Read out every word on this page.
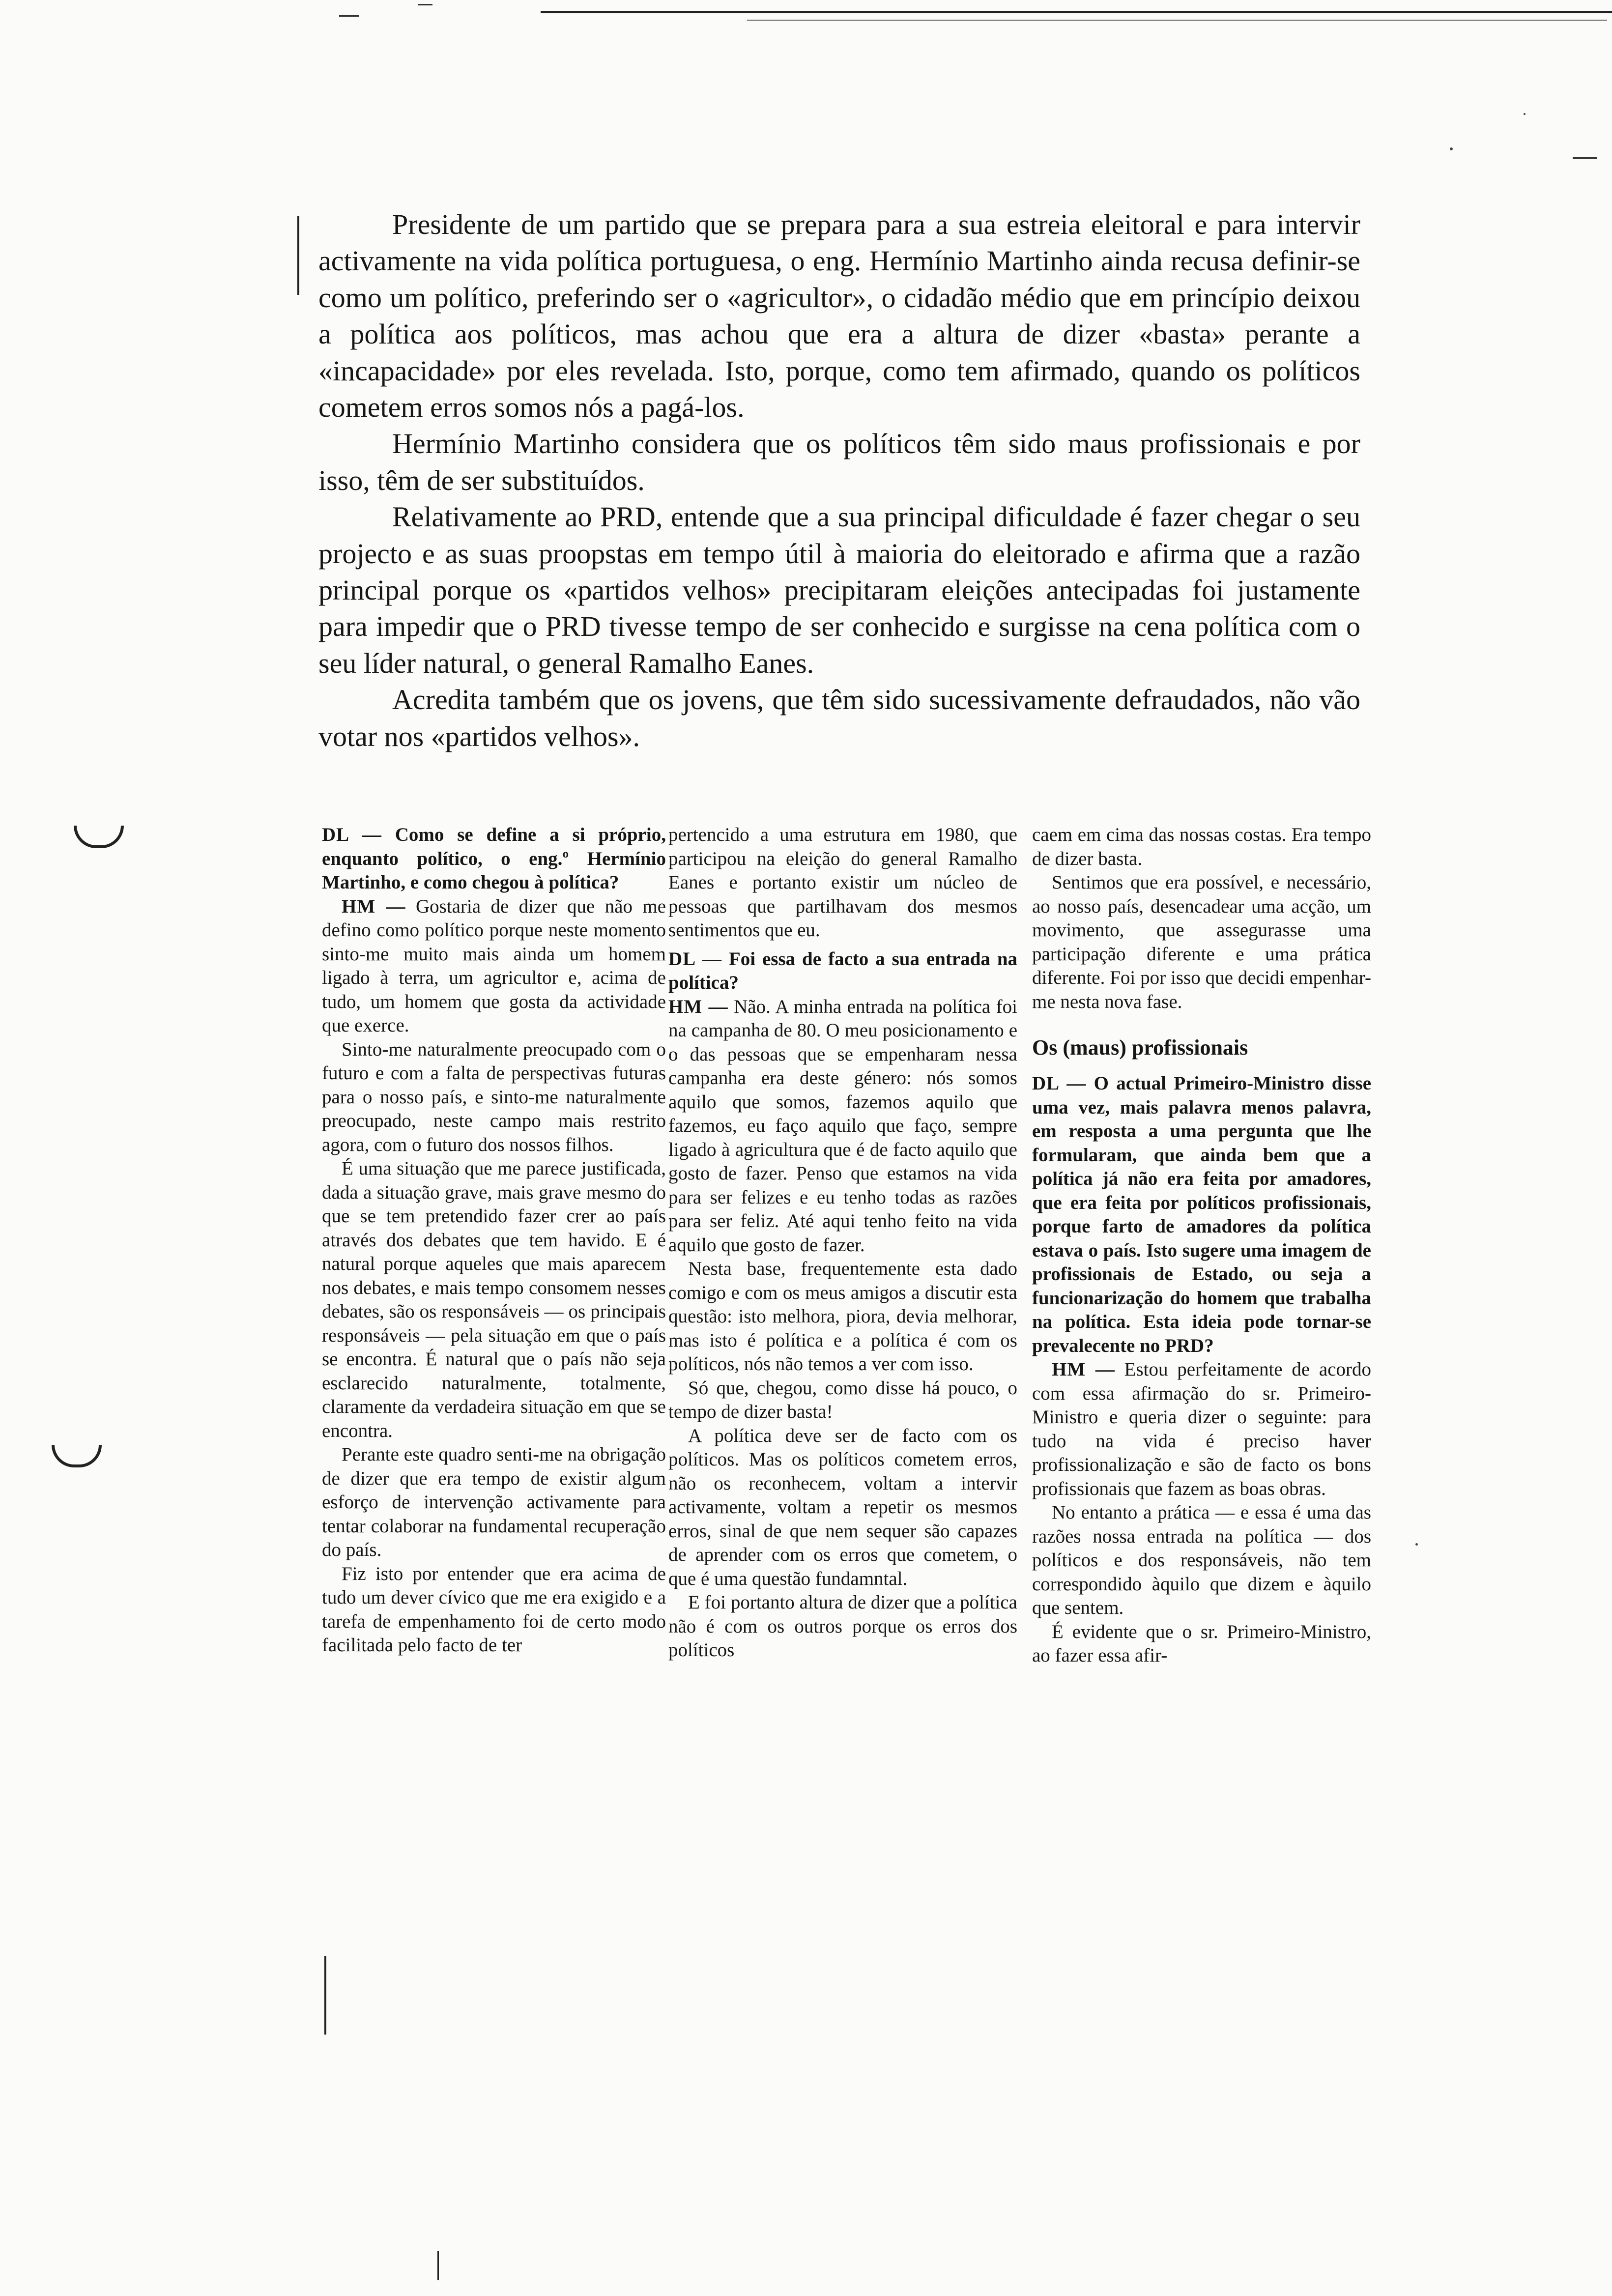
Presidente de um partido que se prepara para a sua estreia eleitoral e para intervir activamente na vida política portuguesa, o eng. Hermínio Martinho ainda recusa definir-se como um político, preferindo ser o «agricultor», o cidadão médio que em princípio deixou a política aos políticos, mas achou que era a altura de dizer «basta» perante a «incapacidade» por eles revelada. Isto, porque, como tem afirmado, quando os políticos cometem erros somos nós a pagá-los.

Hermínio Martinho considera que os políticos têm sido maus profissionais e por isso, têm de ser substituídos.

Relativamente ao PRD, entende que a sua principal dificuldade é fazer chegar o seu projecto e as suas proopstas em tempo útil à maioria do eleitorado e afirma que a razão principal porque os «partidos velhos» precipitaram eleições antecipadas foi justamente para impedir que o PRD tivesse tempo de ser conhecido e surgisse na cena política com o seu líder natural, o general Ramalho Eanes.

Acredita também que os jovens, que têm sido sucessivamente defraudados, não vão votar nos «partidos velhos».

DL — Como se define a si próprio, enquanto político, o eng.º Hermínio Martinho, e como chegou à política?

HM — Gostaria de dizer que não me defino como político porque neste momento sinto-me muito mais ainda um homem ligado à terra, um agricultor e, acima de tudo, um homem que gosta da actividade que exerce.

Sinto-me naturalmente preocupado com o futuro e com a falta de perspectivas futuras para o nosso país, e sinto-me naturalmente preocupado, neste campo mais restrito agora, com o futuro dos nossos filhos.

É uma situação que me parece justificada, dada a situação grave, mais grave mesmo do que se tem pretendido fazer crer ao país através dos debates que tem havido. E é natural porque aqueles que mais aparecem nos debates, e mais tempo consomem nesses debates, são os responsáveis — os principais responsáveis — pela situação em que o país se encontra. É natural que o país não seja esclarecido naturalmente, totalmente, claramente da verdadeira situação em que se encontra.

Perante este quadro senti-me na obrigação de dizer que era tempo de existir algum esforço de intervenção activamente para tentar colaborar na fundamental recuperação do país.

Fiz isto por entender que era acima de tudo um dever cívico que me era exigido e a tarefa de empenhamento foi de certo modo facilitada pelo facto de ter

pertencido a uma estrutura em 1980, que participou na eleição do general Ramalho Eanes e portanto existir um núcleo de pessoas que partilhavam dos mesmos sentimentos que eu.

DL — Foi essa de facto a sua entrada na política?

HM — Não. A minha entrada na política foi na campanha de 80. O meu posicionamento e o das pessoas que se empenharam nessa campanha era deste género: nós somos aquilo que somos, fazemos aquilo que fazemos, eu faço aquilo que faço, sempre ligado à agricultura que é de facto aquilo que gosto de fazer. Penso que estamos na vida para ser felizes e eu tenho todas as razões para ser feliz. Até aqui tenho feito na vida aquilo que gosto de fazer.

Nesta base, frequentemente esta dado comigo e com os meus amigos a discutir esta questão: isto melhora, piora, devia melhorar, mas isto é política e a política é com os políticos, nós não temos a ver com isso.

Só que, chegou, como disse há pouco, o tempo de dizer basta!

A política deve ser de facto com os políticos. Mas os políticos cometem erros, não os reconhecem, voltam a intervir activamente, voltam a repetir os mesmos erros, sinal de que nem sequer são capazes de aprender com os erros que cometem, o que é uma questão fundamntal.

E foi portanto altura de dizer que a política não é com os outros porque os erros dos políticos

caem em cima das nossas costas. Era tempo de dizer basta.

Sentimos que era possível, e necessário, ao nosso país, desencadear uma acção, um movimento, que assegurasse uma participação diferente e uma prática diferente. Foi por isso que decidi empenhar-me nesta nova fase.

Os (maus) profissionais

DL — O actual Primeiro-Ministro disse uma vez, mais palavra menos palavra, em resposta a uma pergunta que lhe formularam, que ainda bem que a política já não era feita por amadores, que era feita por políticos profissionais, porque farto de amadores da política estava o país. Isto sugere uma imagem de profissionais de Estado, ou seja a funcionarização do homem que trabalha na política. Esta ideia pode tornar-se prevalecente no PRD?

HM — Estou perfeitamente de acordo com essa afirmação do sr. Primeiro-Ministro e queria dizer o seguinte: para tudo na vida é preciso haver profissionalização e são de facto os bons profissionais que fazem as boas obras.

No entanto a prática — e essa é uma das razões nossa entrada na política — dos políticos e dos responsáveis, não tem correspondido àquilo que dizem e àquilo que sentem.

É evidente que o sr. Primeiro-Ministro, ao fazer essa afir-
